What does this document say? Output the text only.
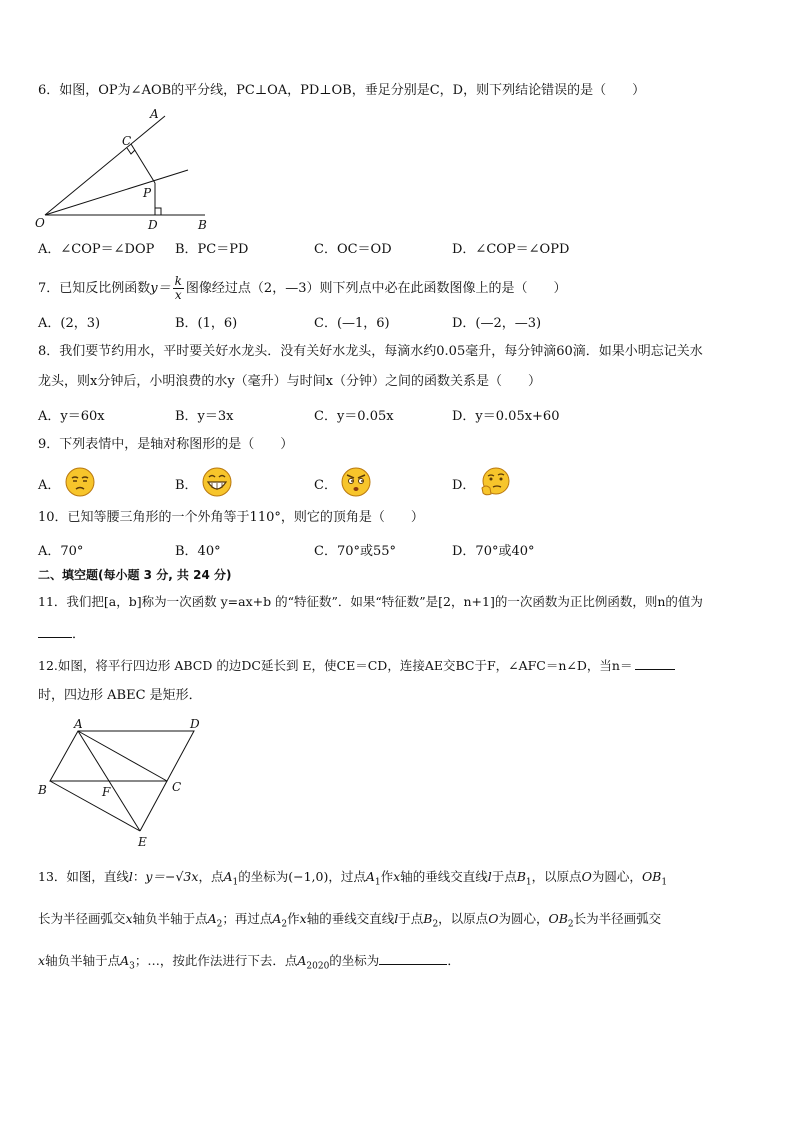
6．如图，OP为∠AOB的平分线，PC⊥OA，PD⊥OB，垂足分别是C，D，则下列结论错误的是（　　）
A
C
P
D	B
O
A．∠COP＝∠DOP B．PC＝PD	C．OC＝OD	D．∠COP＝∠OPD
7．已知反比例函数 $y= \frac{k}{x}$ 图像经过点（2，—3）则下列点中必在此函数图像上的是（　　）
A．(2，3)	B．(1，6)	C．(—1，6)	D．(—2，—3)
8．我们要节约用水，平时要关好水龙头．没有关好水龙头，每滴水约0.05毫升，每分钟滴60滴．如果小明忘记关水
龙头，则x分钟后，小明浪费的水y（毫升）与时间x（分钟）之间的函数关系是（　　）
A．y＝60x	B．y＝3x	C．y＝0.05x	D．y＝0.05x+60
9．下列表情中，是轴对称图形的是（　　）
A．	B．	C．	D．
10．已知等腰三角形的一个外角等于110°，则它的顶角是（　　）
A．70°	B．40°	C．70°或55°	D．70°或40°
二、填空题(每小题 3 分, 共 24 分)
11．我们把[a，b]称为一次函数 y=ax+b 的“特征数”．如果“特征数”是[2，n+1]的一次函数为正比例函数，则n的值为
．
12.如图，将平行四边形 ABCD 的边DC延长到 E，使CE＝CD，连接AE交BC于F，∠AFC＝n∠D，当n＝
时，四边形 ABEC 是矩形．
A	D
B	C
F
E
13．如图，直线l：y＝−√3x，点$A_1$的坐标为(−1,0)，过点$A_1$作x轴的垂线交直线l于点$B_1$，以原点O为圆心，$OB_1$
长为半径画弧交x轴负半轴于点$A_2$；再过点$A_2$作x轴的垂线交直线l于点$B_2$，以原点O为圆心，$OB_2$长为半径画弧交
x轴负半轴于点$A_3$；…，按此作法进行下去．点$A_{2020}$的坐标为	．
